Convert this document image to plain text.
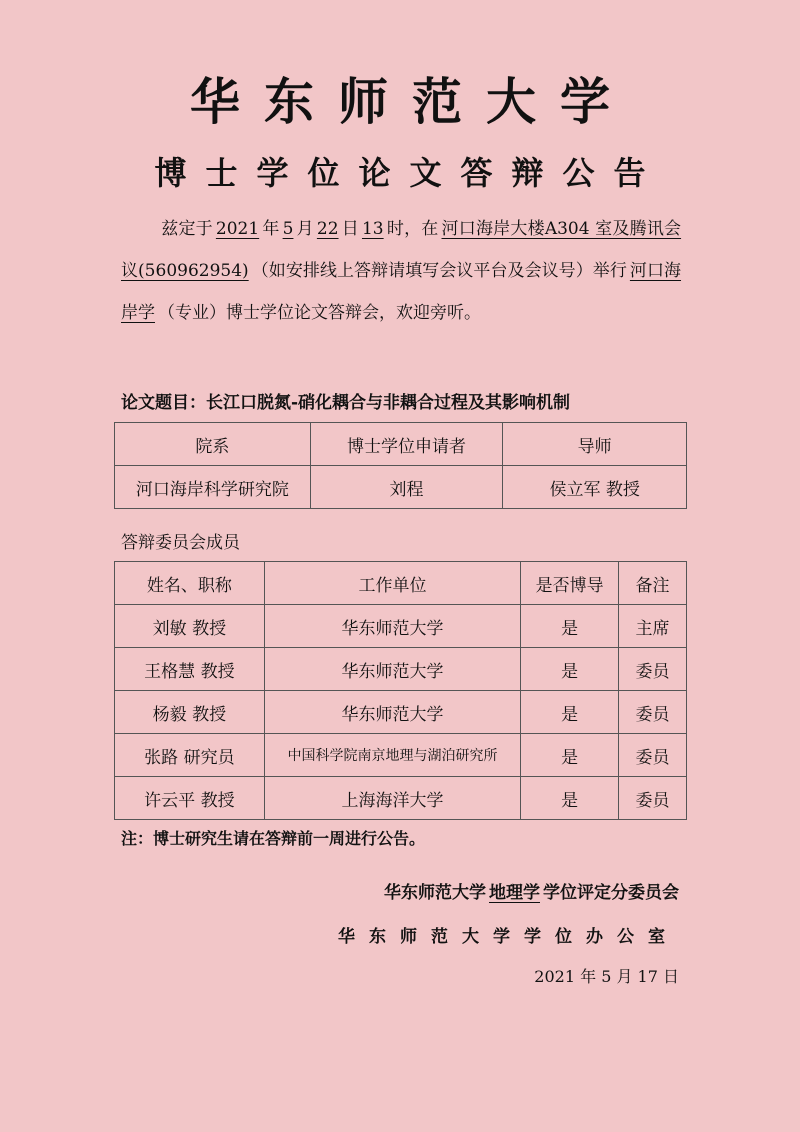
华东师范大学
博士学位论文答辩公告
兹定于 2021 年 5 月 22 日 13 时，在 河口海岸大楼A304 室及腾讯会议(560962954) （如安排线上答辩请填写会议平台及会议号）举行 河口海岸学 （专业）博士学位论文答辩会，欢迎旁听。
论文题目：长江口脱氮-硝化耦合与非耦合过程及其影响机制
院系	博士学位申请者	导师
河口海岸科学研究院	刘程	侯立军 教授
答辩委员会成员
姓名、职称	工作单位	是否博导	备注
刘敏 教授	华东师范大学	是	主席
王格慧 教授	华东师范大学	是	委员
杨毅 教授	华东师范大学	是	委员
张路 研究员	中国科学院南京地理与湖泊研究所	是	委员
许云平 教授	上海海洋大学	是	委员
注：博士研究生请在答辩前一周进行公告。
华东师范大学 地理学 学位评定分委员会
华东师范大学学位办公室
2021 年 5 月 17 日
